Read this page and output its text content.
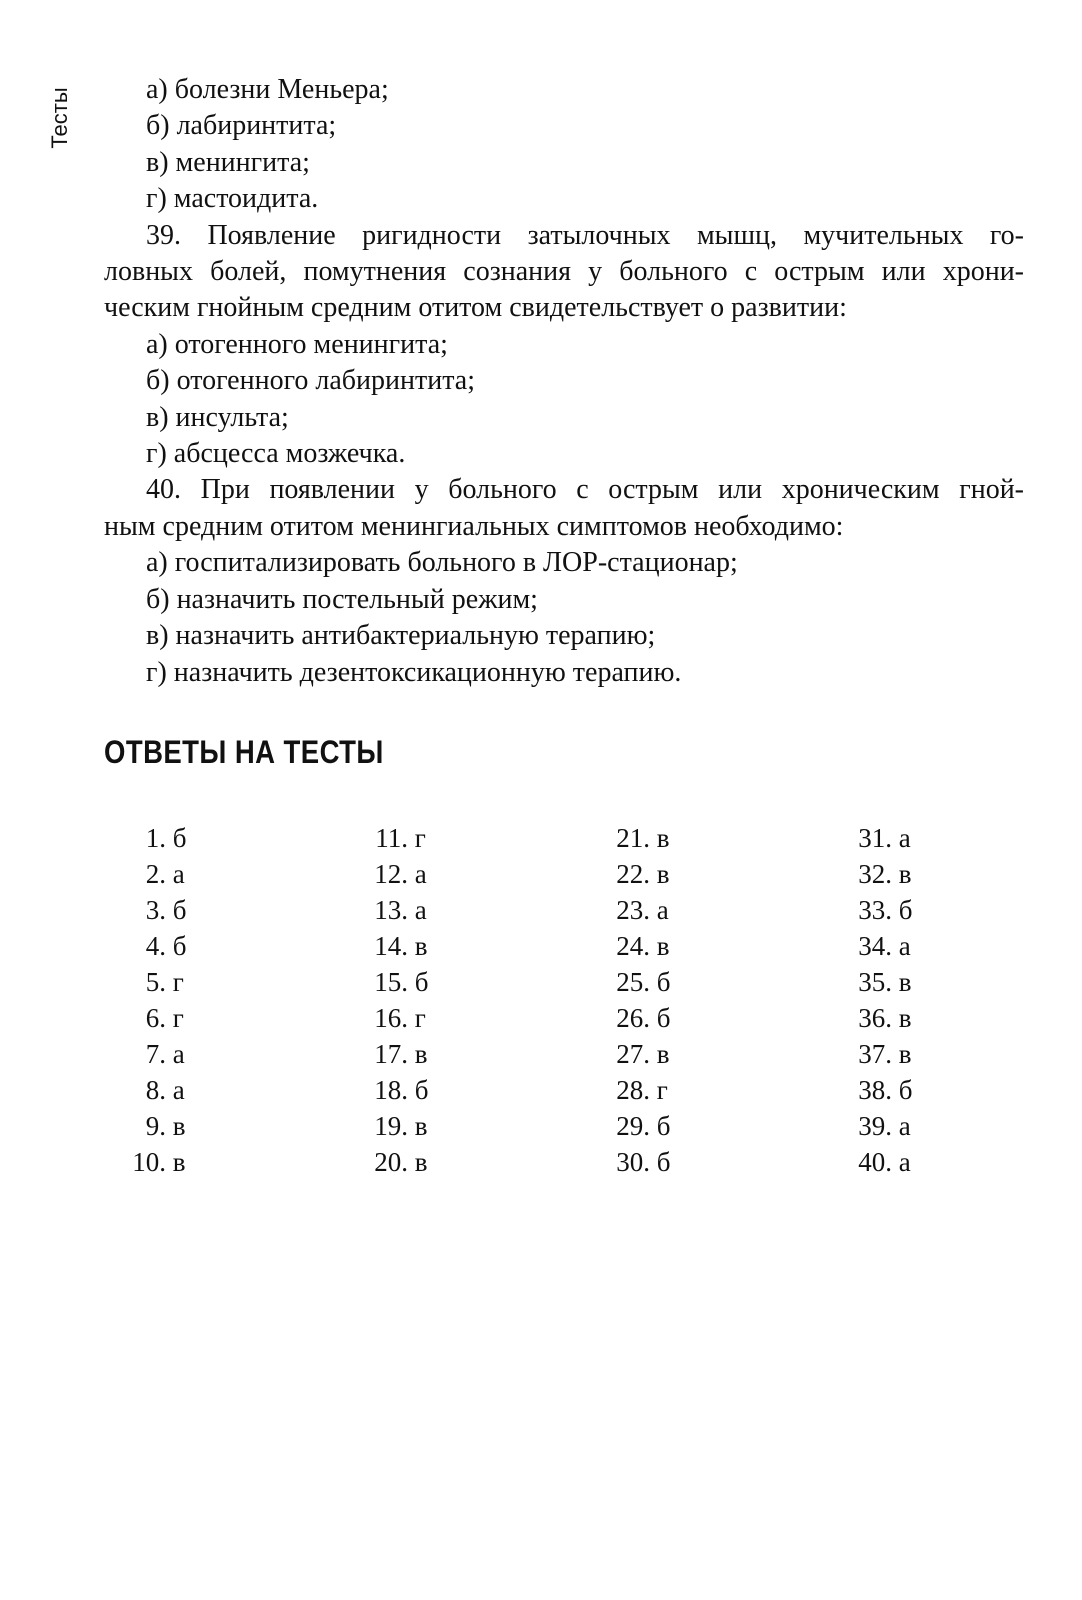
Тесты	а) болезни Меньера;
б) лабиринтита;
в) менингита;
г) мастоидита.
39. Появление ригидности затылочных мышц, мучительных го-
ловных болей, помутнения сознания у больного с острым или хрони-
ческим гнойным средним отитом свидетельствует о развитии:
а) отогенного менингита;
б) отогенного лабиринтита;
в) инсульта;
г) абсцесса мозжечка.
40. При появлении у больного с острым или хроническим гной-
ным средним отитом менингиальных симптомов необходимо:
а) госпитализировать больного в ЛОР-стационар;
б) назначить постельный режим;
в) назначить антибактериальную терапию;
г) назначить дезентоксикационную терапию.
ОТВЕТЫ НА ТЕСТЫ
1. б
2. а
3. б
4. б
5. г
6. г
7. а
8. а
9. в
10. в
11. г
12. а
13. а
14. в
15. б
16. г
17. в
18. б
19. в
20. в
21. в
22. в
23. а
24. в
25. б
26. б
27. в
28. г
29. б
30. б
31. а
32. в
33. б
34. а
35. в
36. в
37. в
38. б
39. а
40. а
